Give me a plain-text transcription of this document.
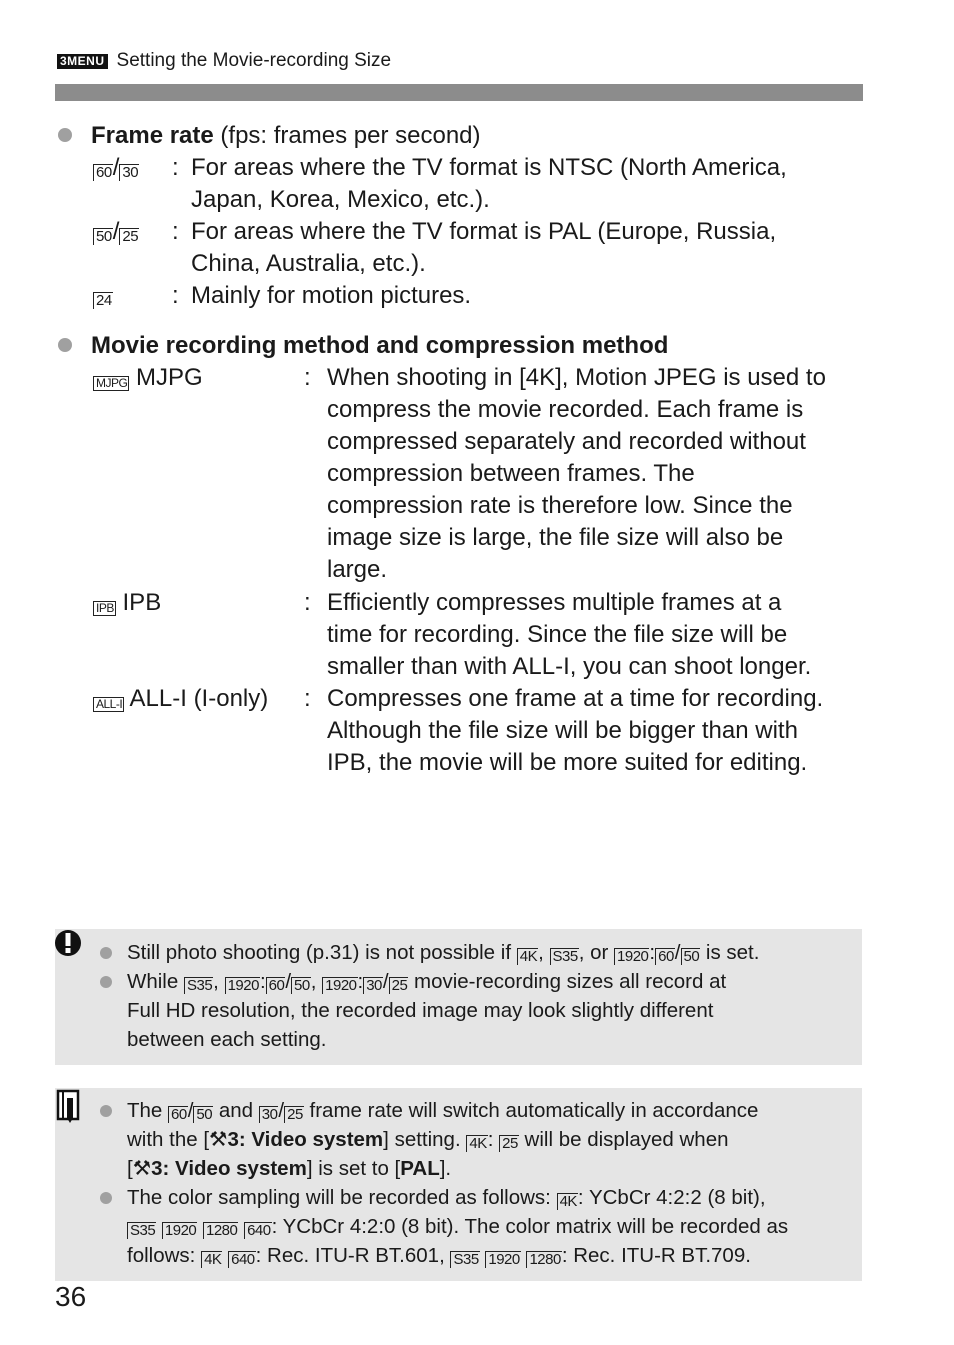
3MENU Setting the Movie-recording Size
Frame rate (fps: frames per second)
60/ 30 : For areas where the TV format is NTSC (North America,
Japan, Korea, Mexico, etc.).
50/ 25 : For areas where the TV format is PAL (Europe, Russia,
China, Australia, etc.).
24	: Mainly for motion pictures.
Movie recording method and compression method
MJPG MJPG	: When shooting in [4K], Motion JPEG is used to
compress the movie recorded. Each frame is
compressed separately and recorded without
compression between frames. The
compression rate is therefore low. Since the
image size is large, the file size will also be
large.
IPB IPB	: Efficiently compresses multiple frames at a
time for recording. Since the file size will be
smaller than with ALL-I, you can shoot longer.
ALL-I ALL-I (I-only) : Compresses one frame at a time for recording.
Although the file size will be bigger than with
IPB, the movie will be more suited for editing.
Still photo shooting (p.31) is not possible if 4K, S35, or 1920: 60/ 50 is set.
While S35, 1920: 60/ 50, 1920: 30/ 25 movie-recording sizes all record at
Full HD resolution, the recorded image may look slightly different
between each setting.
The 60/ 50 and 30/ 25 frame rate will switch automatically in accordance
with the [⚒3: Video system] setting. 4K: 25 will be displayed when
[⚒3: Video system] is set to [PAL].
The color sampling will be recorded as follows: 4K: YCbCr 4:2:2 (8 bit),
S35 1920 1280 640: YCbCr 4:2:0 (8 bit). The color matrix will be recorded as
follows: 4K 640: Rec. ITU-R BT.601, S35 1920 1280: Rec. ITU-R BT.709.
36
